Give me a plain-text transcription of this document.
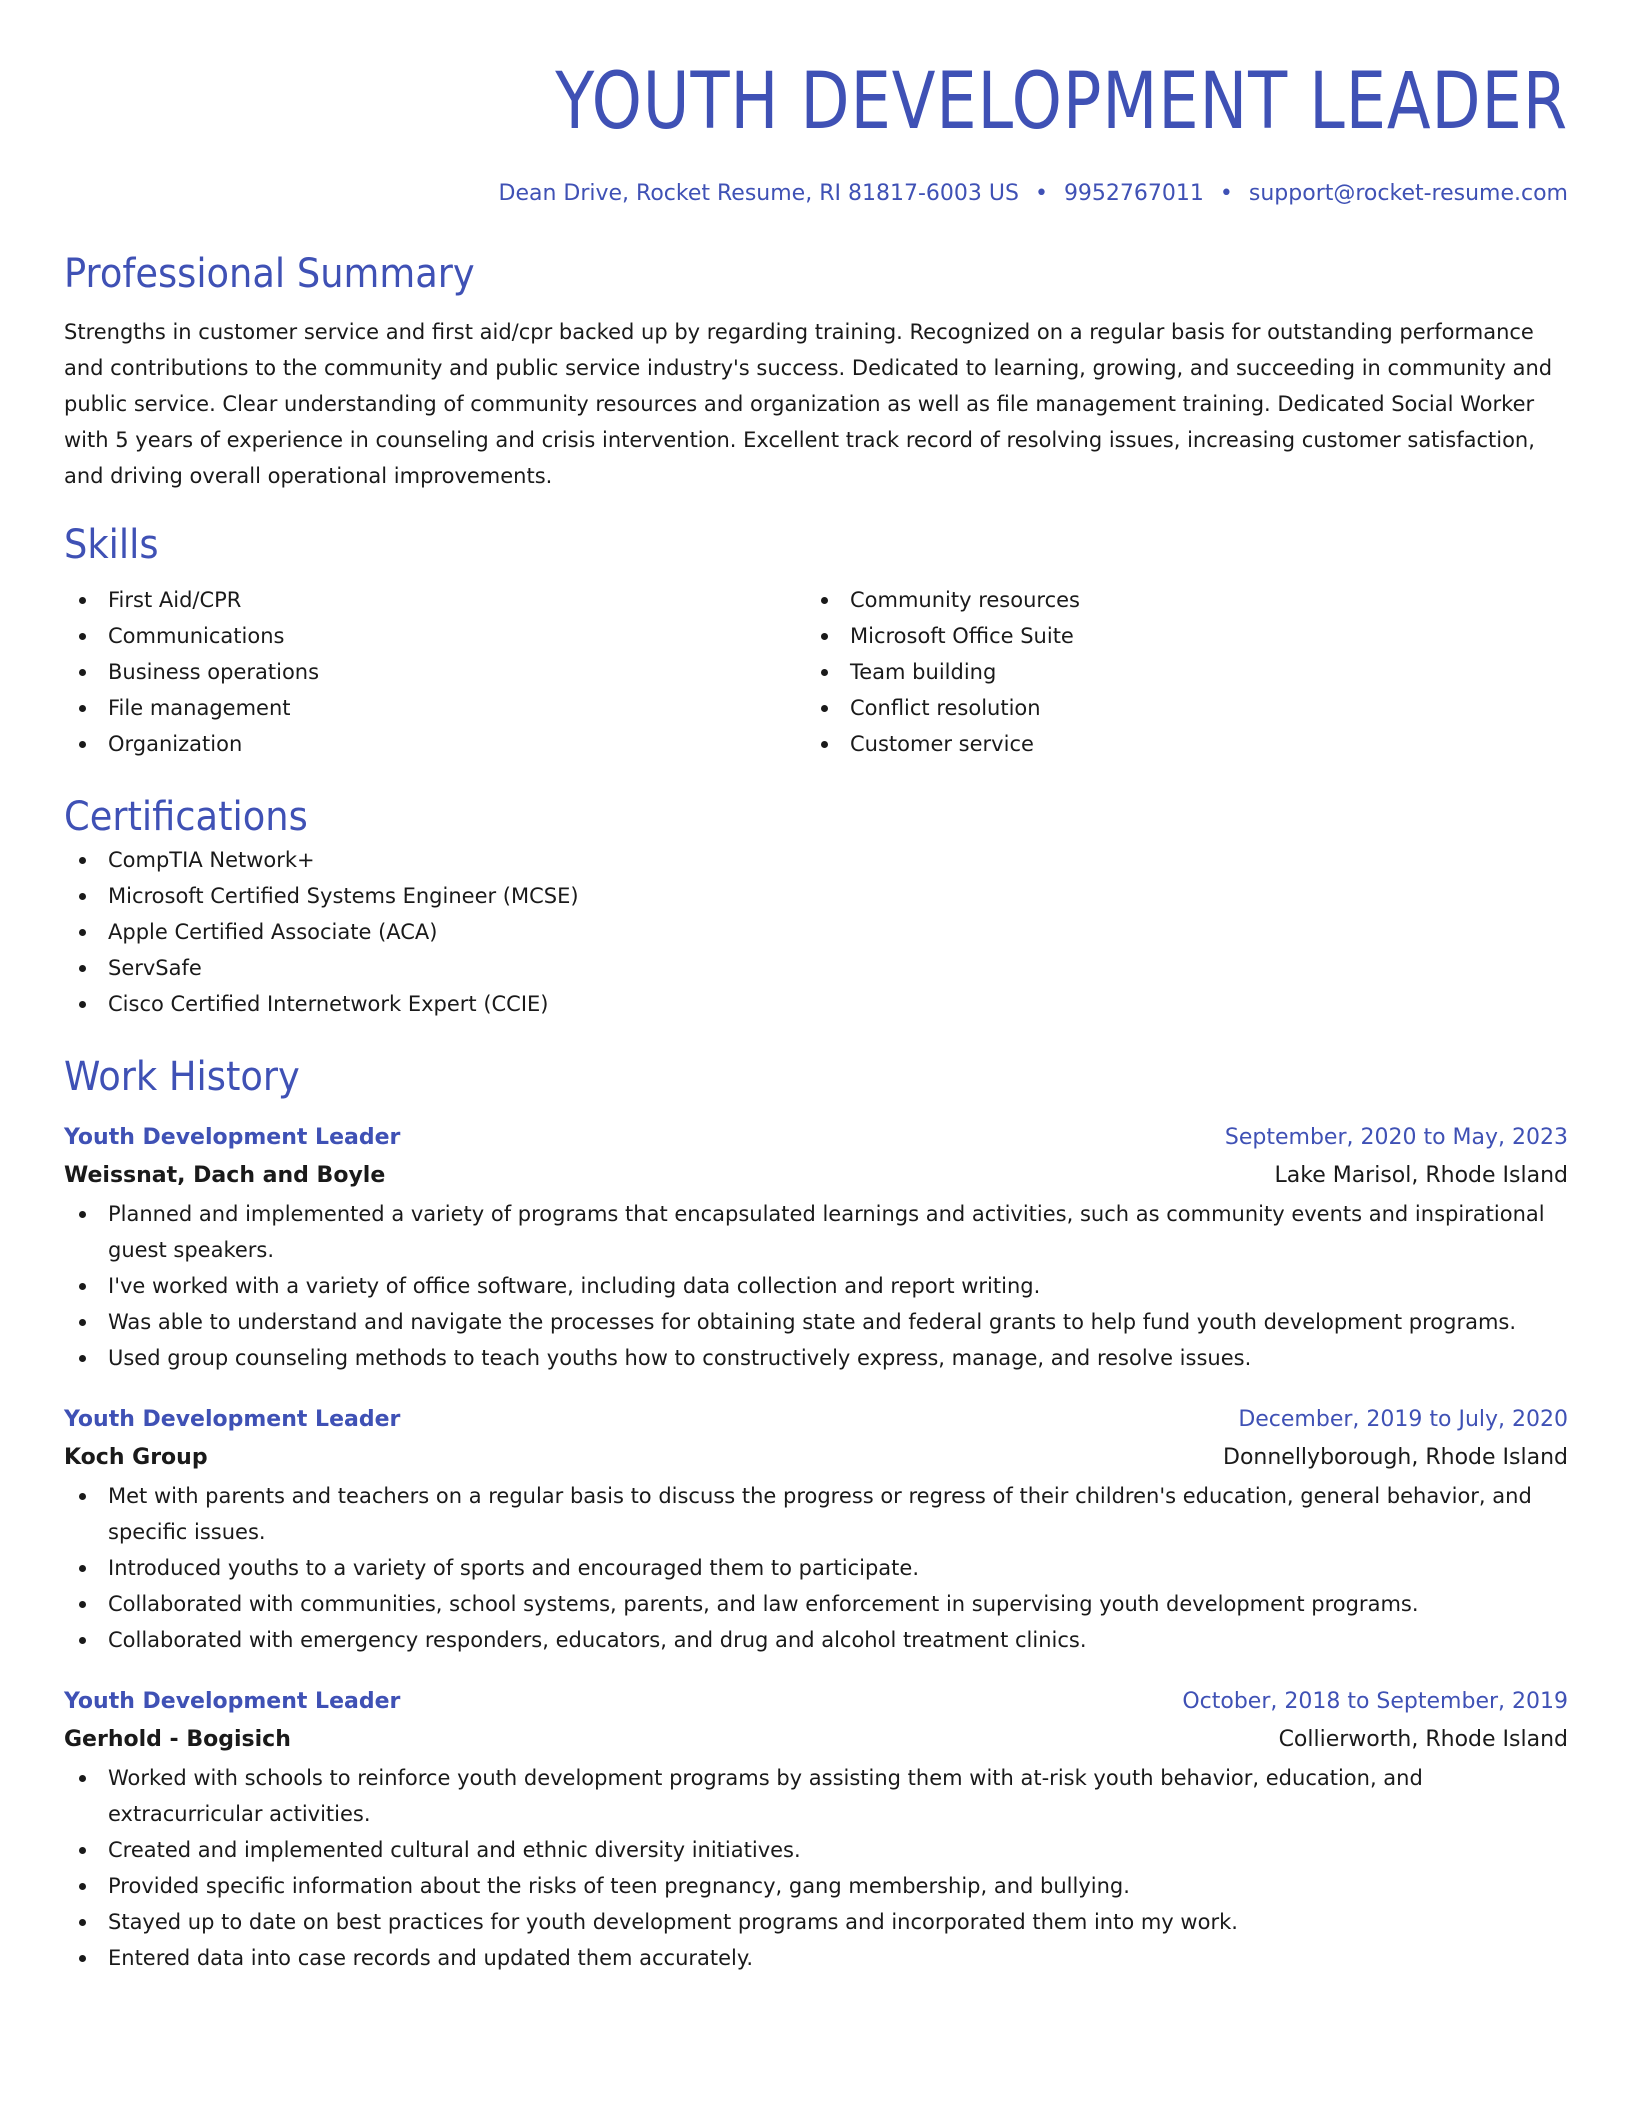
YOUTH DEVELOPMENT LEADER
Dean Drive, Rocket Resume, RI 81817-6003 US • 9952767011 • support@rocket-resume.com
Professional Summary

Strengths in customer service and first aid/cpr backed up by regarding training. Recognized on a regular basis for outstanding performance and contributions to the community and public service industry's success. Dedicated to learning, growing, and succeeding in community and public service. Clear understanding of community resources and organization as well as file management training. Dedicated Social Worker with 5 years of experience in counseling and crisis intervention. Excellent track record of resolving issues, increasing customer satisfaction, and driving overall operational improvements.

Skills
First Aid/CPR
Communications
Business operations
File management
Organization
Community resources
Microsoft Office Suite
Team building
Conflict resolution
Customer service
Certifications
CompTIA Network+
Microsoft Certified Systems Engineer (MCSE)
Apple Certified Associate (ACA)
ServSafe
Cisco Certified Internetwork Expert (CCIE)
Work History
Youth Development Leader	September, 2020 to May, 2023
Weissnat, Dach and Boyle	Lake Marisol, Rhode Island
Planned and implemented a variety of programs that encapsulated learnings and activities, such as community events and inspirational guest speakers.
I've worked with a variety of office software, including data collection and report writing.
Was able to understand and navigate the processes for obtaining state and federal grants to help fund youth development programs.
Used group counseling methods to teach youths how to constructively express, manage, and resolve issues.
Youth Development Leader	December, 2019 to July, 2020
Koch Group	Donnellyborough, Rhode Island
Met with parents and teachers on a regular basis to discuss the progress or regress of their children's education, general behavior, and specific issues.
Introduced youths to a variety of sports and encouraged them to participate.
Collaborated with communities, school systems, parents, and law enforcement in supervising youth development programs.
Collaborated with emergency responders, educators, and drug and alcohol treatment clinics.
Youth Development Leader	October, 2018 to September, 2019
Gerhold - Bogisich	Collierworth, Rhode Island
Worked with schools to reinforce youth development programs by assisting them with at-risk youth behavior, education, and extracurricular activities.
Created and implemented cultural and ethnic diversity initiatives.
Provided specific information about the risks of teen pregnancy, gang membership, and bullying.
Stayed up to date on best practices for youth development programs and incorporated them into my work.
Entered data into case records and updated them accurately.
